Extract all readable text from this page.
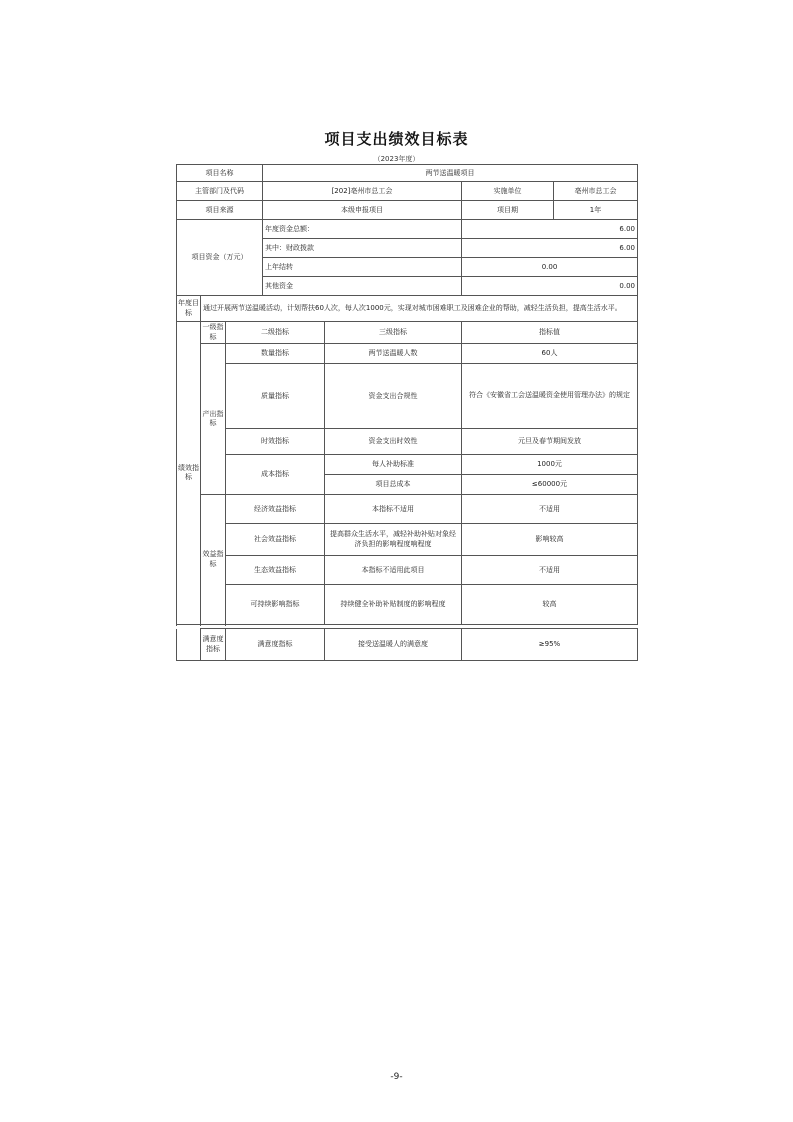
项目支出绩效目标表
（2023年度）
项目名称			两节送温暖项目			
主管部门及代码			[202]亳州市总工会		实施单位	亳州市总工会
项目来源			本级申报项目		项目期	1年
项目资金（万元）			年度资金总额：		6.00	
			其中：财政拨款		6.00	
			上年结转		0.00	
			其他资金		0.00	
年度目标	通过开展两节送温暖活动，计划帮扶60人次，每人次1000元，实现对城市困难职工及困难企业的帮助，减轻生活负担，提高生活水平。					
绩效指标	一级指标	二级指标		三级指标	指标值	
	产出指标	数量指标		两节送温暖人数	60人	
		质量指标		资金支出合规性	符合《安徽省工会送温暖资金使用管理办法》的规定	
		时效指标		资金支出时效性	元旦及春节期间发放	

		成本指标		每人补助标准	1000元	
				项目总成本	≤60000元	
	效益指标	经济效益指标		本指标不适用	不适用	
		社会效益指标		提高群众生活水平，减轻补助补贴对象经济负担的影响程度响程度	影响较高	
		生态效益指标		本指标不适用此项目	不适用	
		可持续影响指标		持续健全补助补贴制度的影响程度	较高	

	满意度指标	满意度指标	接受送温暖人的满意度	≥95%
-9-
